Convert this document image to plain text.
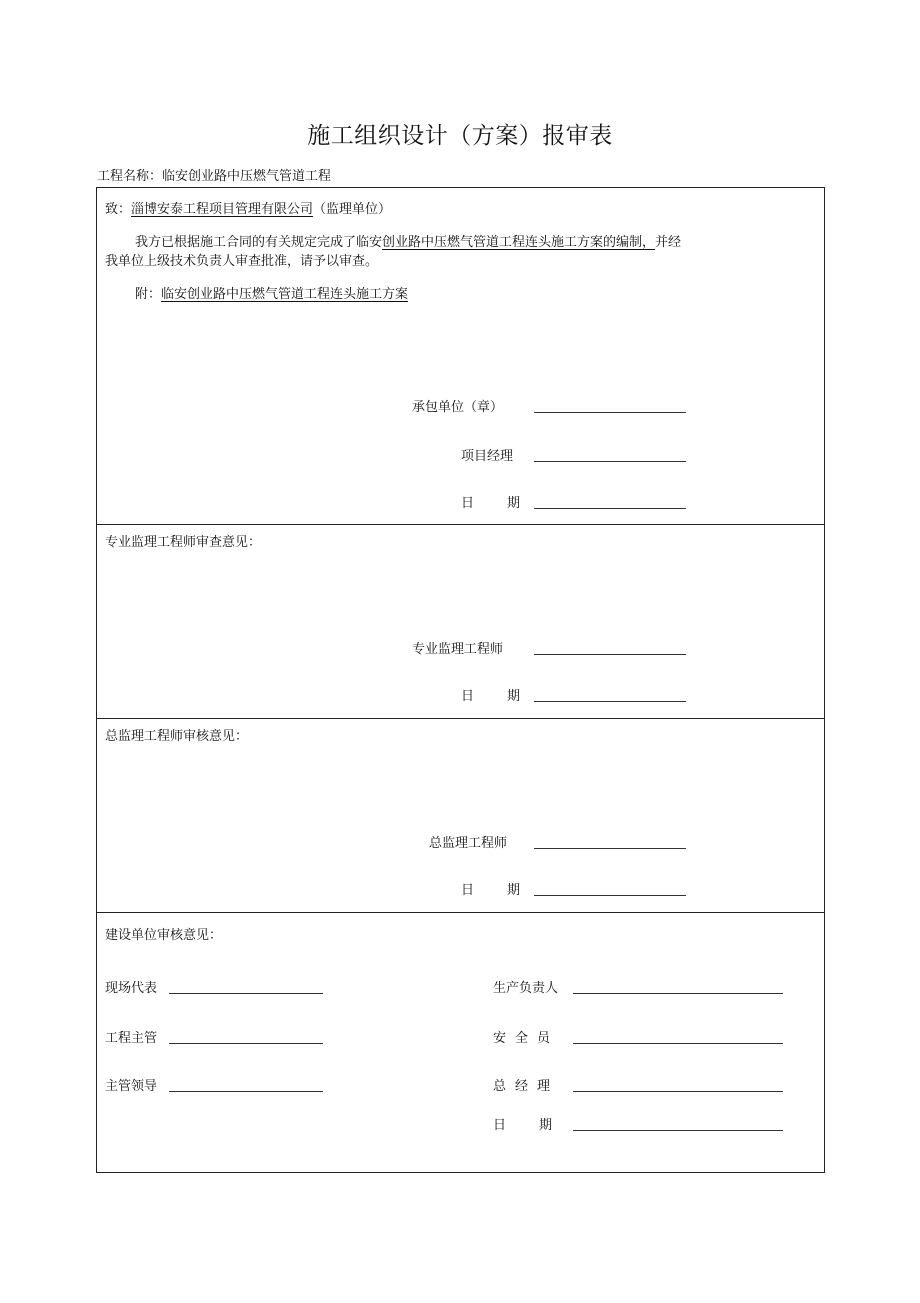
施工组织设计（方案）报审表
工程名称：临安创业路中压燃气管道工程
致：淄博安泰工程项目管理有限公司（监理单位）
我方已根据施工合同的有关规定完成了临安创业路中压燃气管道工程连头施工方案的编制，并经
我单位上级技术负责人审查批准，请予以审查。
附：临安创业路中压燃气管道工程连头施工方案
承包单位（章）
项目经理
日期
专业监理工程师审查意见：
专业监理工程师
日期
总监理工程师审核意见：
总监理工程师
日期
建设单位审核意见：
现场代表
工程主管
主管领导
生产负责人
安全员
总经理
日期
